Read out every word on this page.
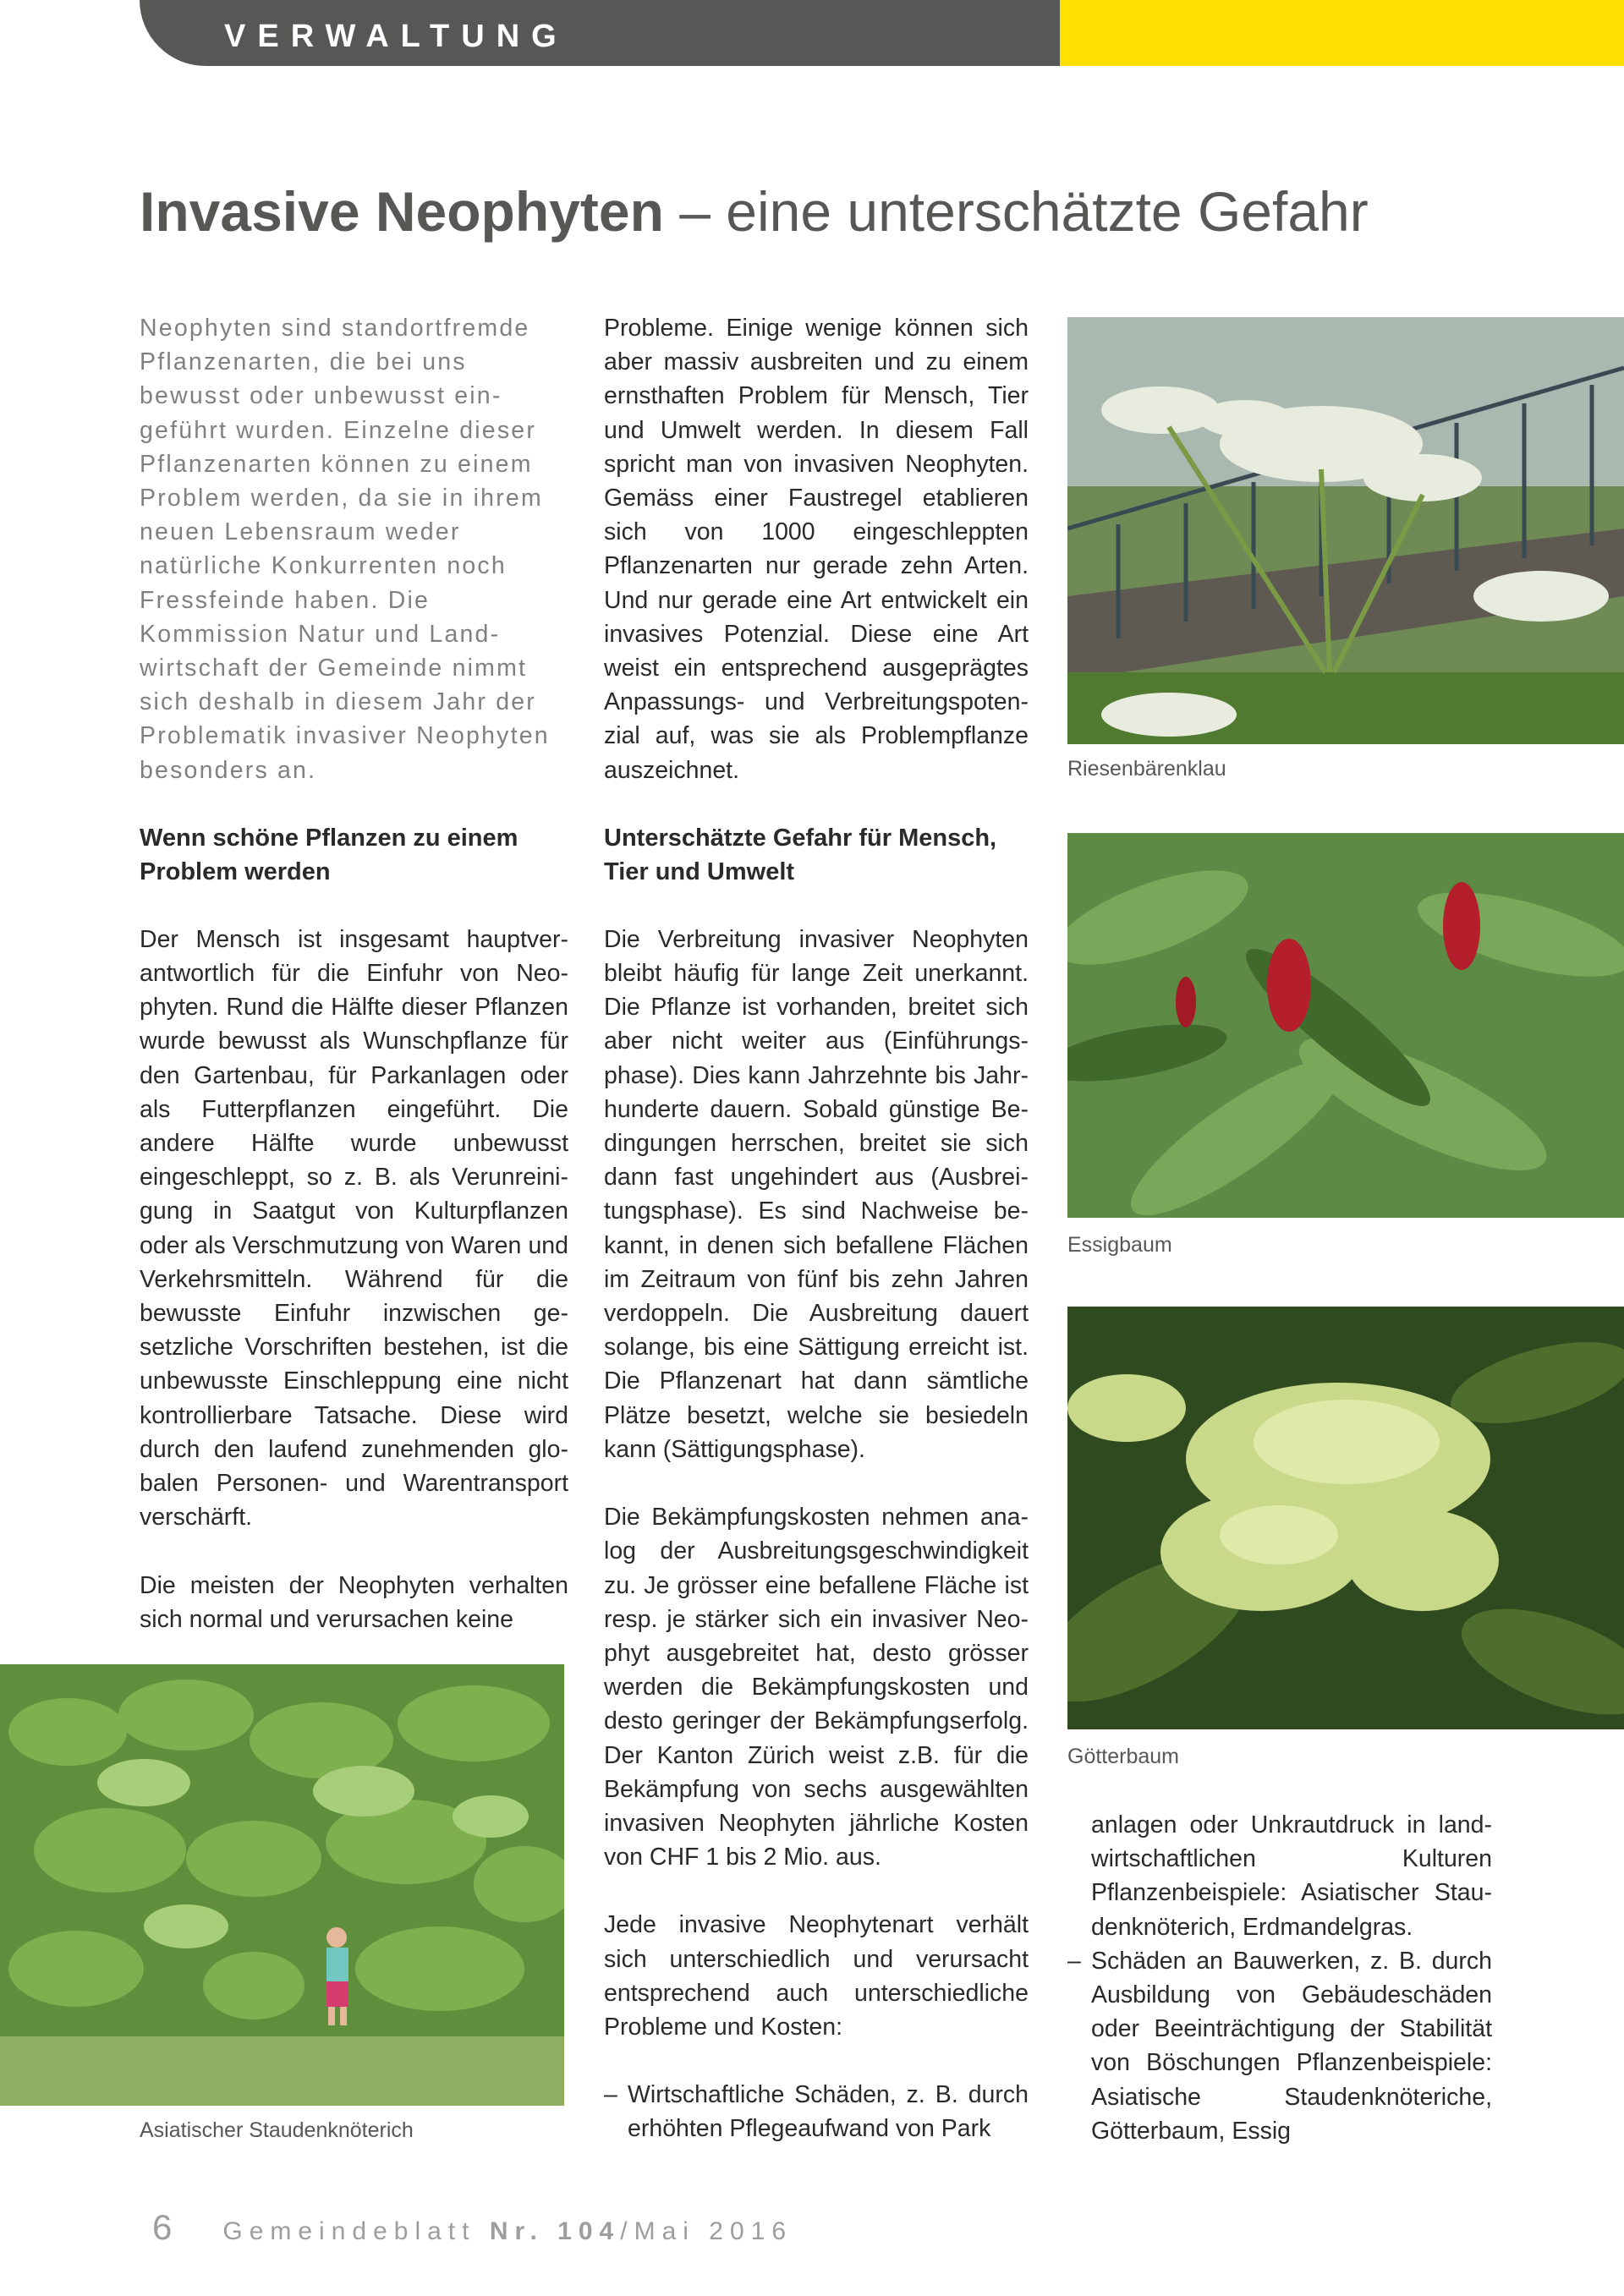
VERWALTUNG
Invasive Neophyten – eine unterschätzte Gefahr

Neophyten sind standortfremde Pflanzenarten, die bei uns bewusst oder unbewusst eingeführt wurden. Einzelne dieser Pflanzenarten können zu einem Problem werden, da sie in ihrem neuen Lebensraum weder natürliche Konkurrenten noch Fressfeinde haben. Die Kommission Natur und Landwirtschaft der Gemeinde nimmt sich deshalb in diesem Jahr der Problematik invasiver Neophyten besonders an.

Wenn schöne Pflanzen zu einem Problem werden

Der Mensch ist insgesamt hauptverantwortlich für die Einfuhr von Neophyten. Rund die Hälfte dieser Pflanzen wurde bewusst als Wunschpflanze für den Gartenbau, für Parkanlagen oder als Futterpflanzen eingeführt. Die andere Hälfte wurde unbewusst eingeschleppt, so z. B. als Verunreinigung in Saatgut von Kulturpflanzen oder als Verschmutzung von Waren und Verkehrsmitteln. Während für die bewusste Einfuhr inzwischen gesetzliche Vorschriften bestehen, ist die unbewusste Einschleppung eine nicht kontrollierbare Tatsache. Diese wird durch den laufend zunehmenden globalen Personen- und Warentransport verschärft.

Die meisten der Neophyten verhalten sich normal und verursachen keine

Probleme. Einige wenige können sich aber massiv ausbreiten und zu einem ernsthaften Problem für Mensch, Tier und Umwelt werden. In diesem Fall spricht man von invasiven Neophyten. Gemäss einer Faustregel etablieren sich von 1000 eingeschleppten Pflanzenarten nur gerade zehn Arten. Und nur gerade eine Art entwickelt ein invasives Potenzial. Diese eine Art weist ein entsprechend ausgeprägtes Anpassungs- und Verbreitungspotenzial auf, was sie als Problempflanze auszeichnet.

Unterschätzte Gefahr für Mensch, Tier und Umwelt

Die Verbreitung invasiver Neophyten bleibt häufig für lange Zeit unerkannt. Die Pflanze ist vorhanden, breitet sich aber nicht weiter aus (Einführungsphase). Dies kann Jahrzehnte bis Jahrhunderte dauern. Sobald günstige Bedingungen herrschen, breitet sie sich dann fast ungehindert aus (Ausbreitungsphase). Es sind Nachweise bekannt, in denen sich befallene Flächen im Zeitraum von fünf bis zehn Jahren verdoppeln. Die Ausbreitung dauert solange, bis eine Sättigung erreicht ist. Die Pflanzenart hat dann sämtliche Plätze besetzt, welche sie besiedeln kann (Sättigungsphase).

Die Bekämpfungskosten nehmen analog der Ausbreitungsgeschwindigkeit zu. Je grösser eine befallene Fläche ist resp. je stärker sich ein invasiver Neophyt ausgebreitet hat, desto grösser werden die Bekämpfungskosten und desto geringer der Bekämpfungserfolg. Der Kanton Zürich weist z.B. für die Bekämpfung von sechs ausgewählten invasiven Neophyten jährliche Kosten von CHF 1 bis 2 Mio. aus.

Jede invasive Neophytenart verhält sich unterschiedlich und verursacht entsprechend auch unterschiedliche Probleme und Kosten:

– Wirtschaftliche Schäden, z. B. durch erhöhten Pflegeaufwand von Park

anlagen oder Unkrautdruck in landwirtschaftlichen Kulturen Pflanzenbeispiele: Asiatischer Staudenknöterich, Erdmandelgras.

– Schäden an Bauwerken, z. B. durch Ausbildung von Gebäudeschäden oder Beeinträchtigung der Stabilität von Böschungen Pflanzenbeispiele: Asiatische Staudenknöteriche, Götterbaum, Essig
Riesenbärenklau
Essigbaum
Götterbaum
Asiatischer Staudenknöterich
6 Gemeindeblatt Nr. 104/Mai 2016
